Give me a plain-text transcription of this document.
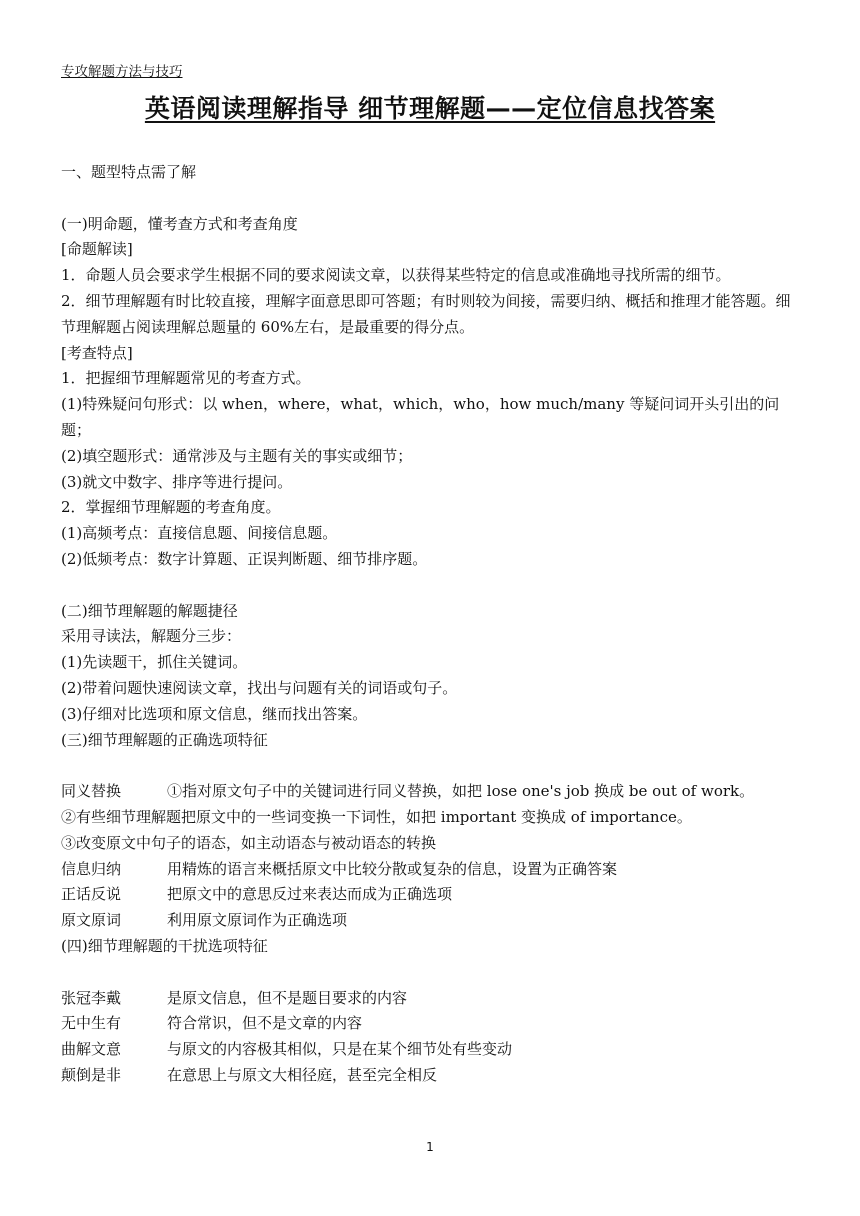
专攻解题方法与技巧
英语阅读理解指导 细节理解题——定位信息找答案
一、题型特点需了解
(一)明命题，懂考查方式和考查角度
[命题解读]
1．命题人员会要求学生根据不同的要求阅读文章，以获得某些特定的信息或准确地寻找所需的细节。
2．细节理解题有时比较直接，理解字面意思即可答题；有时则较为间接，需要归纳、概括和推理才能答题。细节理解题占阅读理解总题量的 60%左右，是最重要的得分点。
[考查特点]
1．把握细节理解题常见的考查方式。
(1)特殊疑问句形式：以 when，where，what，which，who，how much/many 等疑问词开头引出的问题；
(2)填空题形式：通常涉及与主题有关的事实或细节；
(3)就文中数字、排序等进行提问。
2．掌握细节理解题的考查角度。
(1)高频考点：直接信息题、间接信息题。
(2)低频考点：数字计算题、正误判断题、细节排序题。
(二)细节理解题的解题捷径
采用寻读法，解题分三步：
(1)先读题干，抓住关键词。
(2)带着问题快速阅读文章，找出与问题有关的词语或句子。
(3)仔细对比选项和原文信息，继而找出答案。
(三)细节理解题的正确选项特征
同义替换	①指对原文句子中的关键词进行同义替换，如把 lose one's job 换成 be out of work。
②有些细节理解题把原文中的一些词变换一下词性，如把 important 变换成 of importance。
③改变原文中句子的语态，如主动语态与被动语态的转换
信息归纳	用精炼的语言来概括原文中比较分散或复杂的信息，设置为正确答案
正话反说	把原文中的意思反过来表达而成为正确选项
原文原词	利用原文原词作为正确选项
(四)细节理解题的干扰选项特征
张冠李戴	是原文信息，但不是题目要求的内容
无中生有	符合常识，但不是文章的内容
曲解文意	与原文的内容极其相似，只是在某个细节处有些变动
颠倒是非	在意思上与原文大相径庭，甚至完全相反
1
